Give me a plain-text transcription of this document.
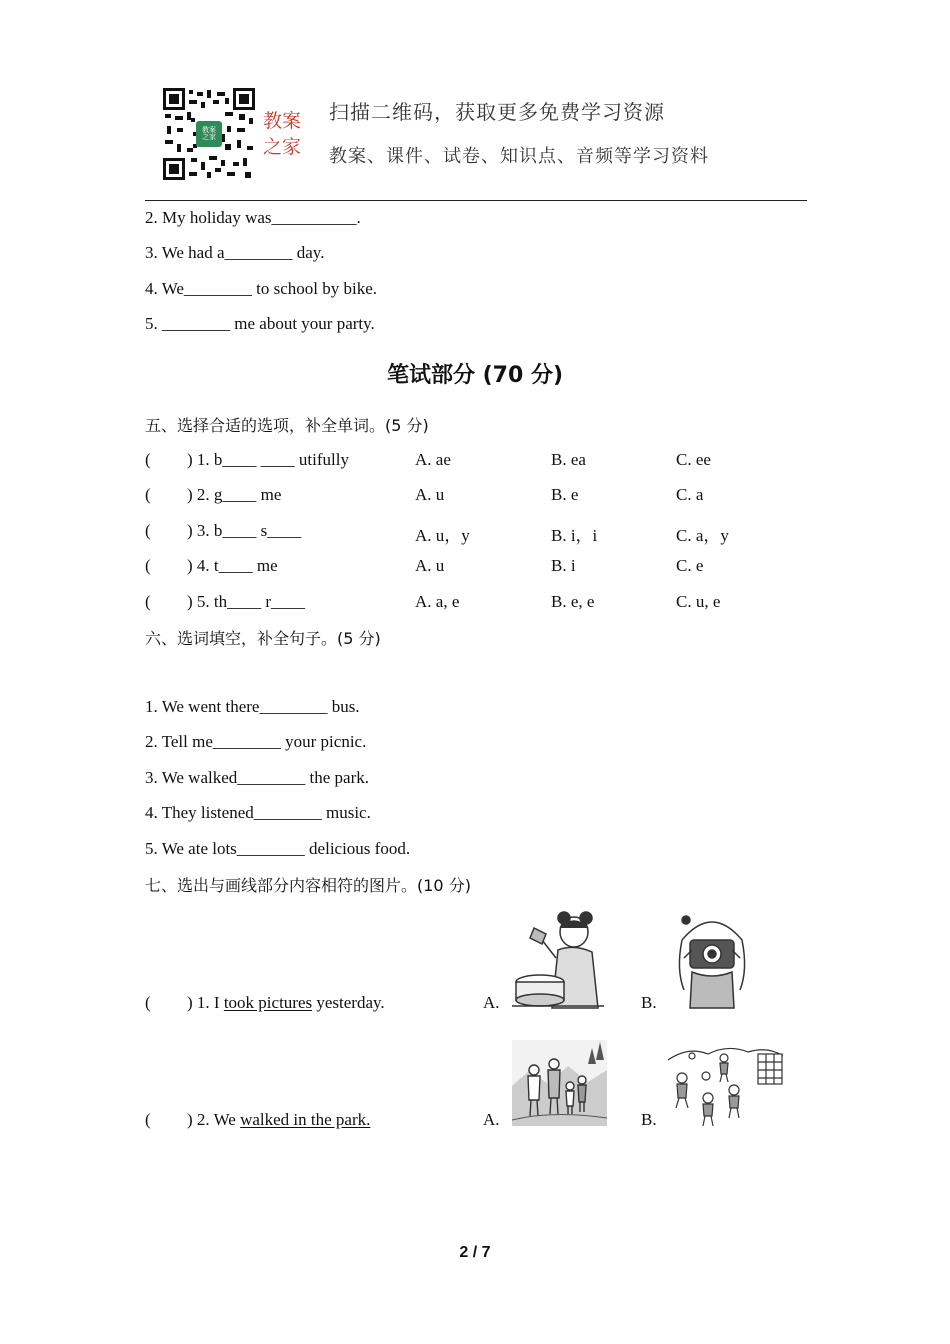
教案之家
教案
之家
扫描二维码，获取更多免费学习资源
教案、课件、试卷、知识点、音频等学习资料
2. My holiday was__________.
3. We had a________ day.
4. We________ to school by bike.
5. ________ me about your party.
笔试部分 (70 分)
五、选择合适的选项，补全单词。(5 分)
( ) 1. b____ ____ utifully	A. ae	B. ea	C. ee
( ) 2. g____ me	A. u	B. e	C. a
( ) 3. b____ s____	A. u，y	B. i，i	C. a，y
( ) 4. t____ me	A. u	B. i	C. e
( ) 5. th____ r____	A. a, e	B. e, e	C. u, e
六、选词填空，补全句子。(5 分)
1. We went there________ bus.
2. Tell me________ your picnic.
3. We walked________ the park.
4. They listened________ music.
5. We ate lots________ delicious food.
七、选出与画线部分内容相符的图片。(10 分)
( ) 1. I took pictures yesterday.	A.	B.
( ) 2. We walked in the park.	A.	B.
2 / 7
